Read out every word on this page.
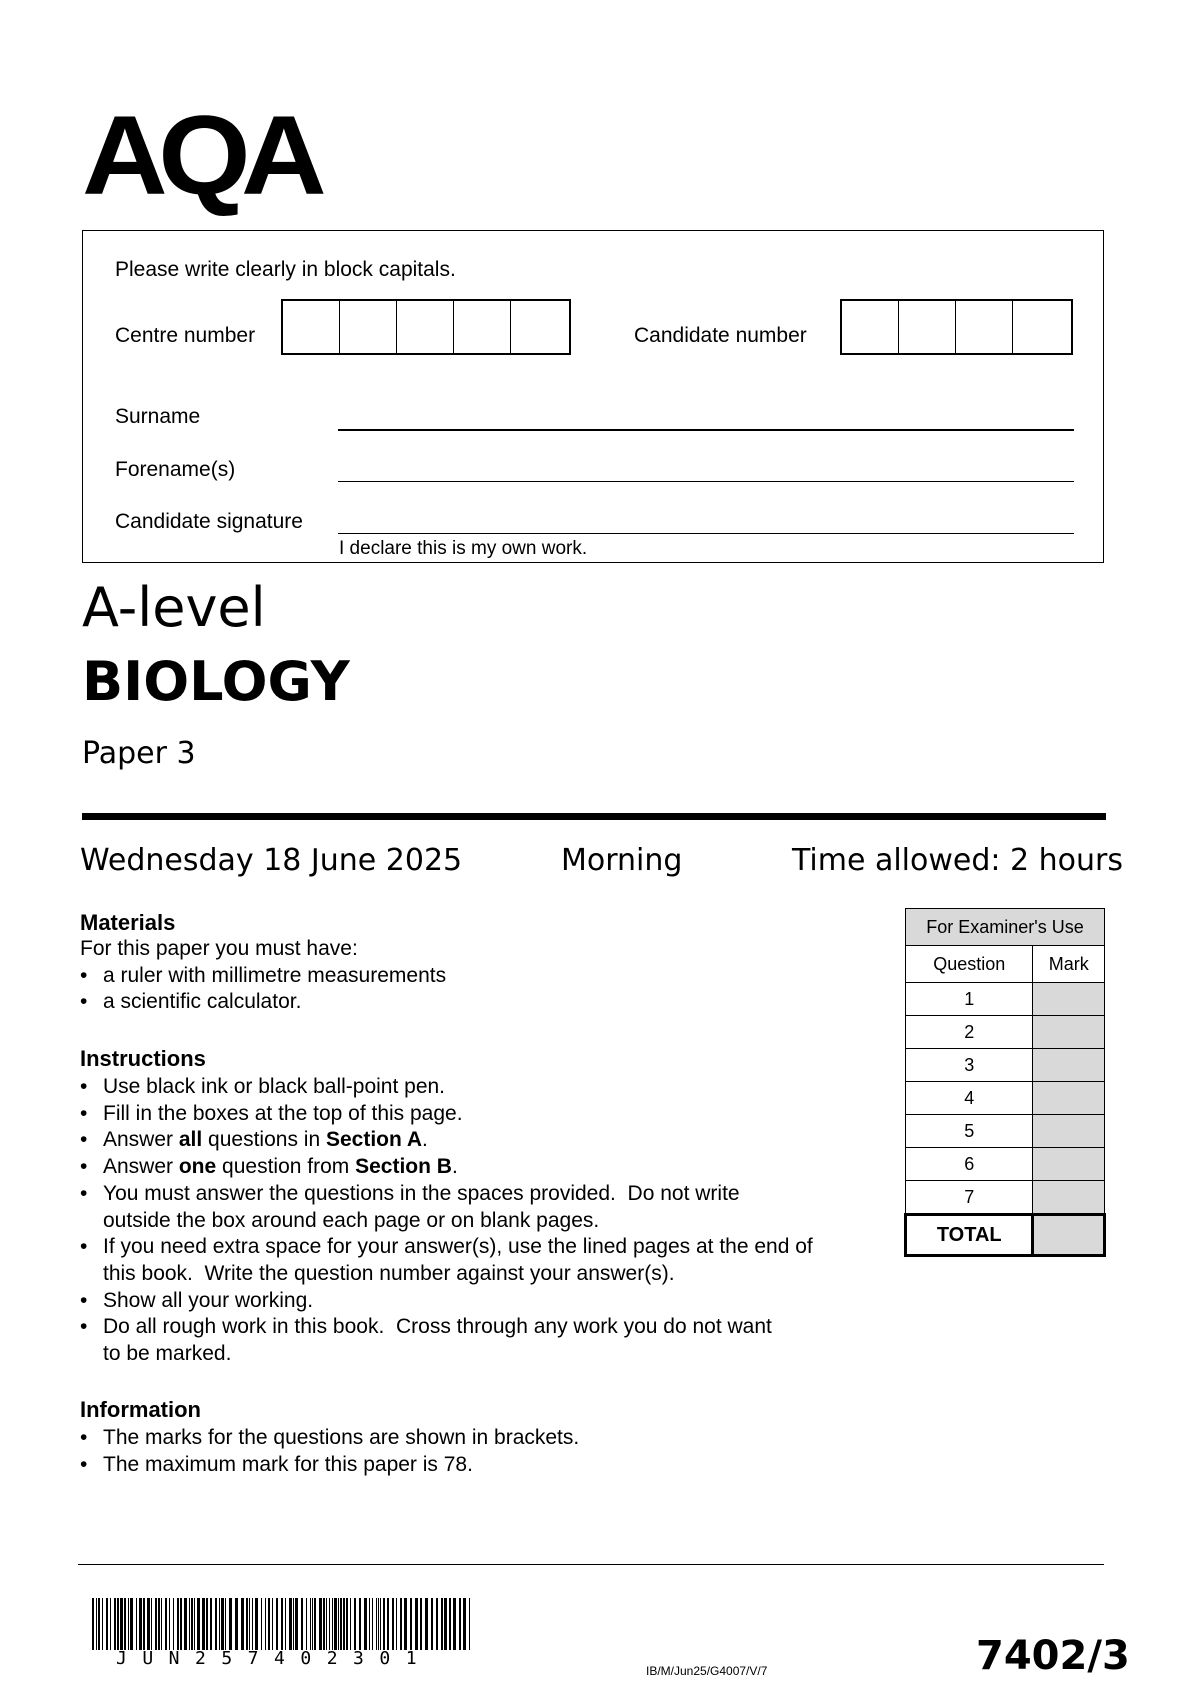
AQA
Please write clearly in block capitals.
Centre number	Candidate number
Surname
Forename(s)
Candidate signature
I declare this is my own work.
A-level
BIOLOGY
Paper 3
Wednesday 18 June 2025	Morning	Time allowed: 2 hours
Materials
For this paper you must have:
• a ruler with millimetre measurements
• a scientific calculator.
Instructions
• Use black ink or black ball-point pen.
• Fill in the boxes at the top of this page.
• Answer all questions in Section A.
• Answer one question from Section B.
• You must answer the questions in the spaces provided.  Do not write
outside the box around each page or on blank pages.
• If you need extra space for your answer(s), use the lined pages at the end of
this book.  Write the question number against your answer(s).
• Show all your working.
• Do all rough work in this book.  Cross through any work you do not want
to be marked.
Information
• The marks for the questions are shown in brackets.
• The maximum mark for this paper is 78.
For Examiner's Use	
Question	Mark
1	
2	
3	
4	
5	
6	
7	
TOTAL	
JUN257402301
IB/M/Jun25/G4007/V/7	7402/3
